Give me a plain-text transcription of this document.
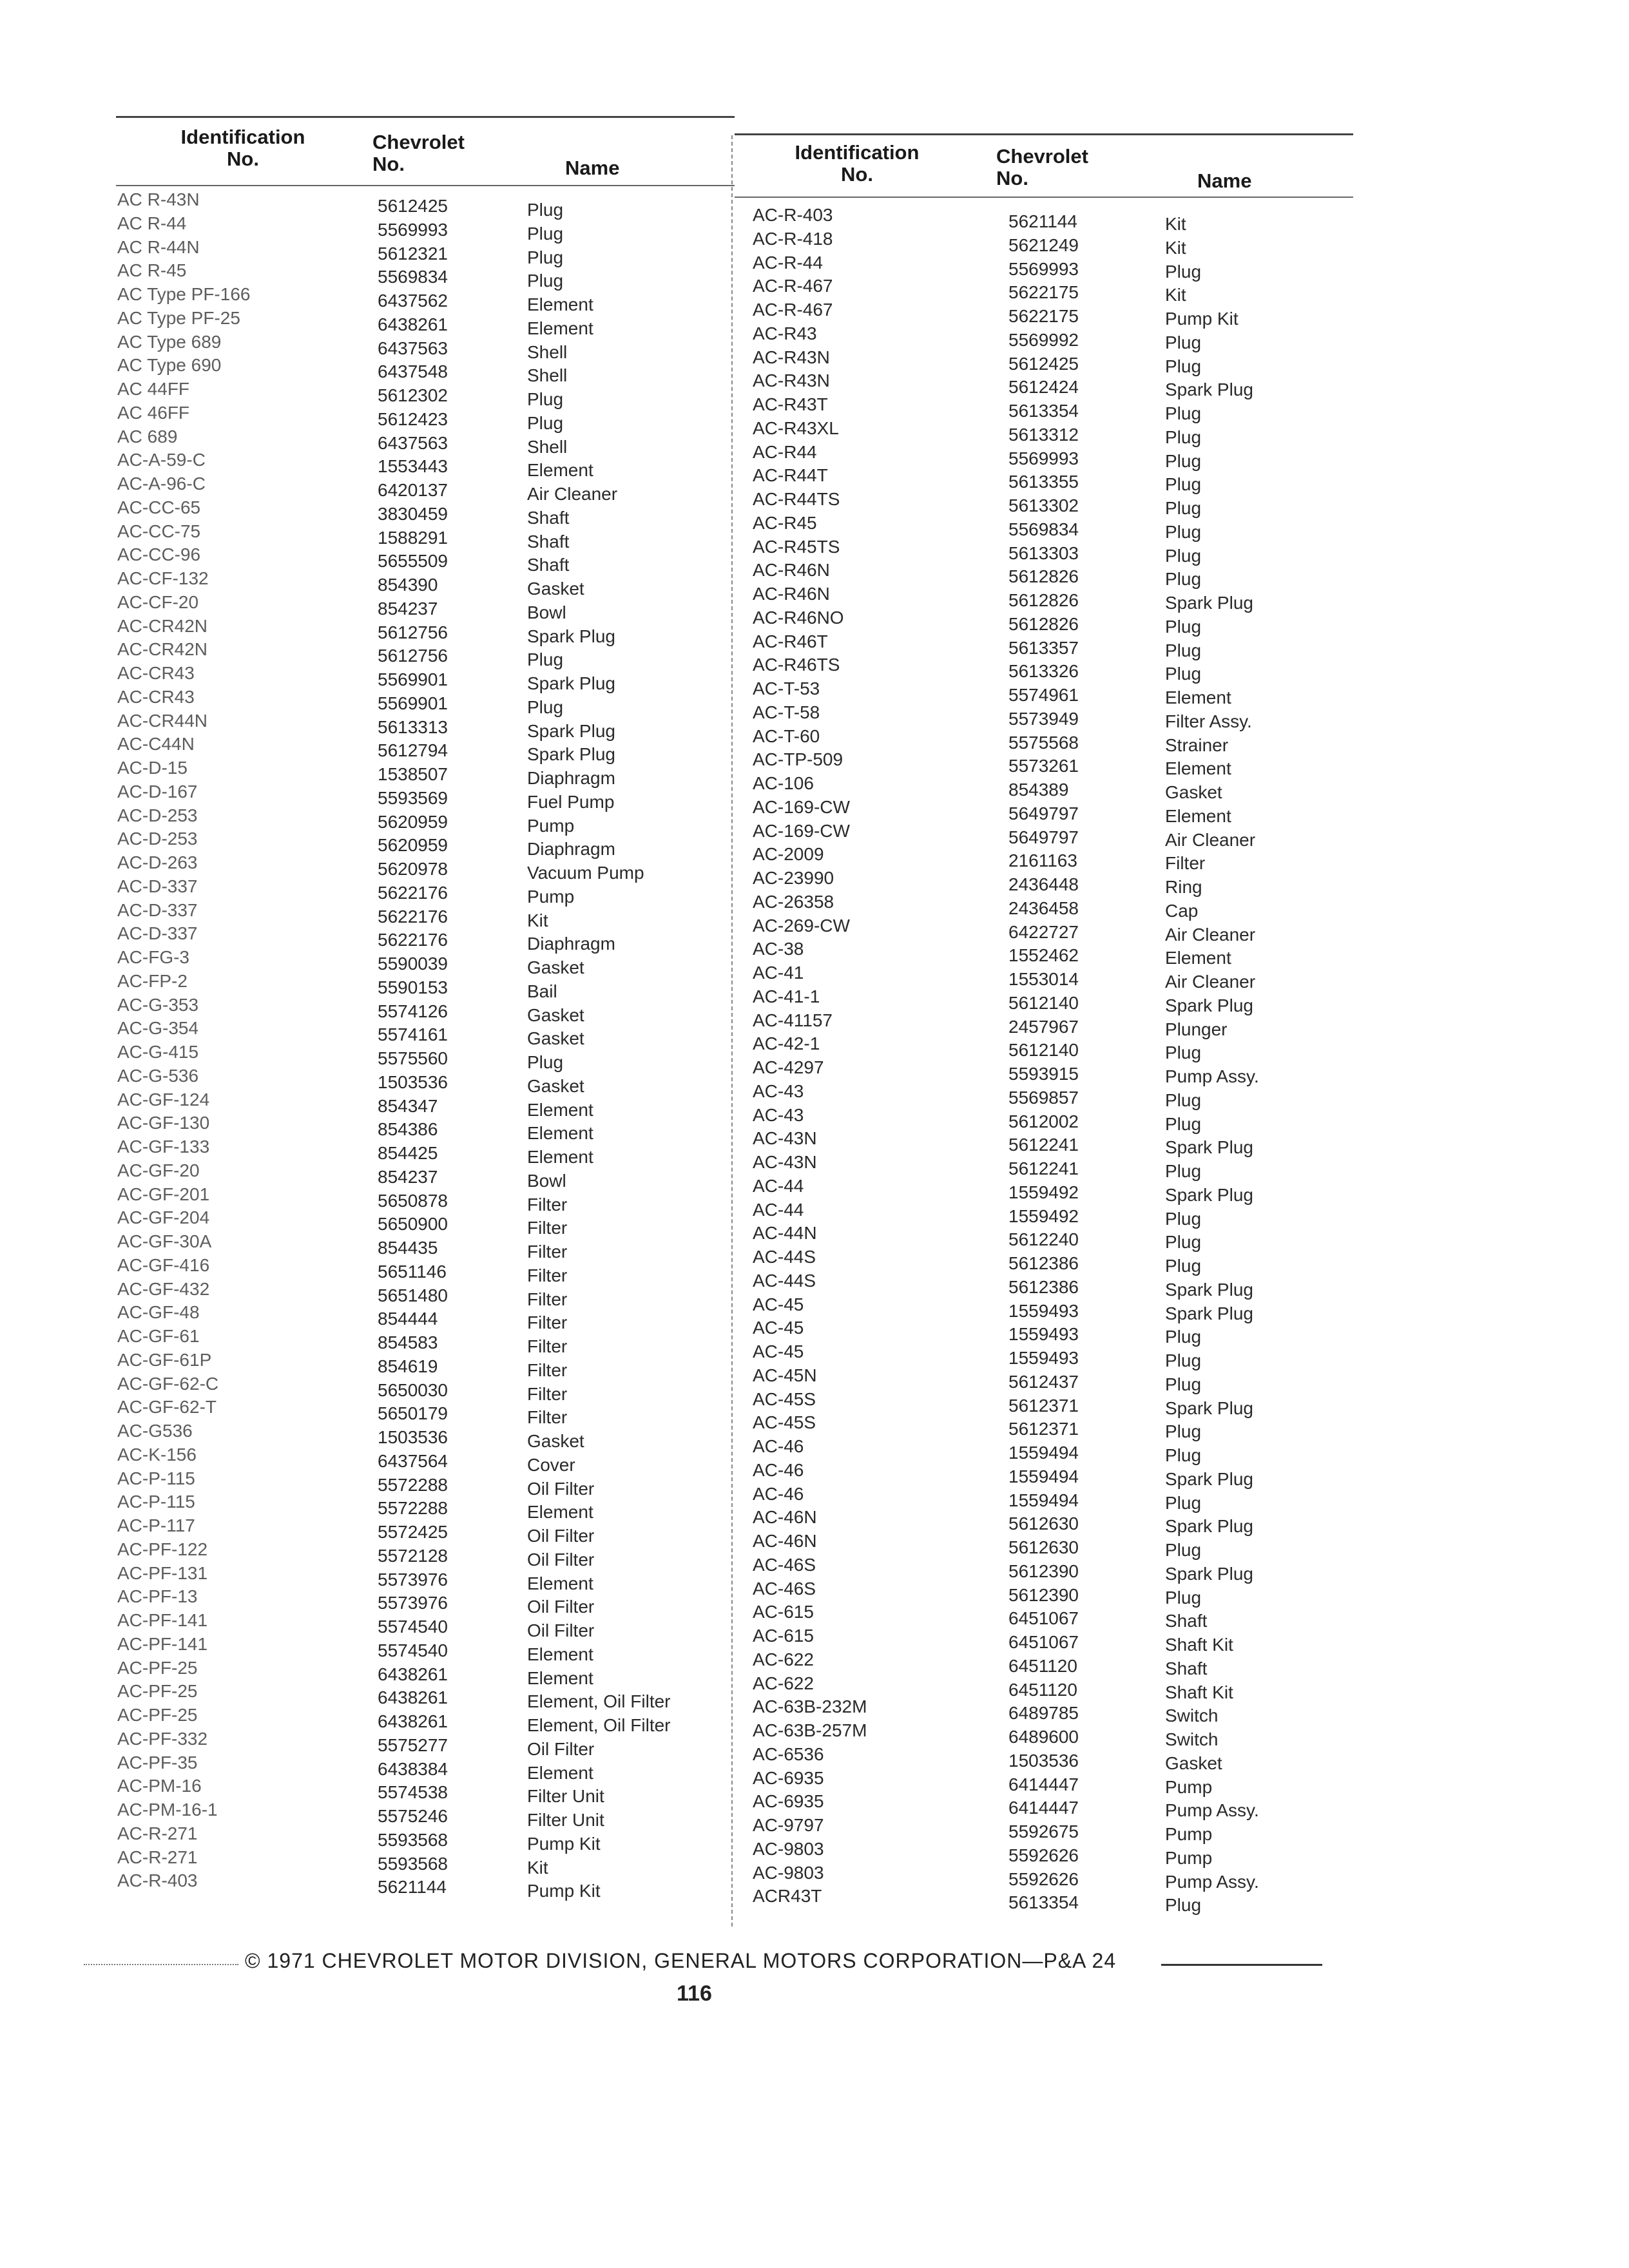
Identification
No.
Chevrolet
No.	Name
Identification
No.
Chevrolet
No.	Name
AC R-43N
AC R-44
AC R-44N
AC R-45
AC Type PF-166
AC Type PF-25
AC Type 689
AC Type 690
AC 44FF
AC 46FF
AC 689
AC-A-59-C
AC-A-96-C
AC-CC-65
AC-CC-75
AC-CC-96
AC-CF-132
AC-CF-20
AC-CR42N
AC-CR42N
AC-CR43
AC-CR43
AC-CR44N
AC-C44N
AC-D-15
AC-D-167
AC-D-253
AC-D-253
AC-D-263
AC-D-337
AC-D-337
AC-D-337
AC-FG-3
AC-FP-2
AC-G-353
AC-G-354
AC-G-415
AC-G-536
AC-GF-124
AC-GF-130
AC-GF-133
AC-GF-20
AC-GF-201
AC-GF-204
AC-GF-30A
AC-GF-416
AC-GF-432
AC-GF-48
AC-GF-61
AC-GF-61P
AC-GF-62-C
AC-GF-62-T
AC-G536
AC-K-156
AC-P-115
AC-P-115
AC-P-117
AC-PF-122
AC-PF-131
AC-PF-13
AC-PF-141
AC-PF-141
AC-PF-25
AC-PF-25
AC-PF-25
AC-PF-332
AC-PF-35
AC-PM-16
AC-PM-16-1
AC-R-271
AC-R-271
AC-R-403
5612425
5569993
5612321
5569834
6437562
6438261
6437563
6437548
5612302
5612423
6437563
1553443
6420137
3830459
1588291
5655509
854390
854237
5612756
5612756
5569901
5569901
5613313
5612794
1538507
5593569
5620959
5620959
5620978
5622176
5622176
5622176
5590039
5590153
5574126
5574161
5575560
1503536
854347
854386
854425
854237
5650878
5650900
854435
5651146
5651480
854444
854583
854619
5650030
5650179
1503536
6437564
5572288
5572288
5572425
5572128
5573976
5573976
5574540
5574540
6438261
6438261
6438261
5575277
6438384
5574538
5575246
5593568
5593568
5621144
Plug
Plug
Plug
Plug
Element
Element
Shell
Shell
Plug
Plug
Shell
Element
Air Cleaner
Shaft
Shaft
Shaft
Gasket
Bowl
Spark Plug
Plug
Spark Plug
Plug
Spark Plug
Spark Plug
Diaphragm
Fuel Pump
Pump
Diaphragm
Vacuum Pump
Pump
Kit
Diaphragm
Gasket
Bail
Gasket
Gasket
Plug
Gasket
Element
Element
Element
Bowl
Filter
Filter
Filter
Filter
Filter
Filter
Filter
Filter
Filter
Filter
Gasket
Cover
Oil Filter
Element
Oil Filter
Oil Filter
Element
Oil Filter
Oil Filter
Element
Element
Element, Oil Filter
Element, Oil Filter
Oil Filter
Element
Filter Unit
Filter Unit
Pump Kit
Kit
Pump Kit
AC-R-403
AC-R-418
AC-R-44
AC-R-467
AC-R-467
AC-R43
AC-R43N
AC-R43N
AC-R43T
AC-R43XL
AC-R44
AC-R44T
AC-R44TS
AC-R45
AC-R45TS
AC-R46N
AC-R46N
AC-R46NO
AC-R46T
AC-R46TS
AC-T-53
AC-T-58
AC-T-60
AC-TP-509
AC-106
AC-169-CW
AC-169-CW
AC-2009
AC-23990
AC-26358
AC-269-CW
AC-38
AC-41
AC-41-1
AC-41157
AC-42-1
AC-4297
AC-43
AC-43
AC-43N
AC-43N
AC-44
AC-44
AC-44N
AC-44S
AC-44S
AC-45
AC-45
AC-45
AC-45N
AC-45S
AC-45S
AC-46
AC-46
AC-46
AC-46N
AC-46N
AC-46S
AC-46S
AC-615
AC-615
AC-622
AC-622
AC-63B-232M
AC-63B-257M
AC-6536
AC-6935
AC-6935
AC-9797
AC-9803
AC-9803
ACR43T
5621144
5621249
5569993
5622175
5622175
5569992
5612425
5612424
5613354
5613312
5569993
5613355
5613302
5569834
5613303
5612826
5612826
5612826
5613357
5613326
5574961
5573949
5575568
5573261
854389
5649797
5649797
2161163
2436448
2436458
6422727
1552462
1553014
5612140
2457967
5612140
5593915
5569857
5612002
5612241
5612241
1559492
1559492
5612240
5612386
5612386
1559493
1559493
1559493
5612437
5612371
5612371
1559494
1559494
1559494
5612630
5612630
5612390
5612390
6451067
6451067
6451120
6451120
6489785
6489600
1503536
6414447
6414447
5592675
5592626
5592626
5613354
Kit
Kit
Plug
Kit
Pump Kit
Plug
Plug
Spark Plug
Plug
Plug
Plug
Plug
Plug
Plug
Plug
Plug
Spark Plug
Plug
Plug
Plug
Element
Filter Assy.
Strainer
Element
Gasket
Element
Air Cleaner
Filter
Ring
Cap
Air Cleaner
Element
Air Cleaner
Spark Plug
Plunger
Plug
Pump Assy.
Plug
Plug
Spark Plug
Plug
Spark Plug
Plug
Plug
Plug
Spark Plug
Spark Plug
Plug
Plug
Plug
Spark Plug
Plug
Plug
Spark Plug
Plug
Spark Plug
Plug
Spark Plug
Plug
Shaft
Shaft Kit
Shaft
Shaft Kit
Switch
Switch
Gasket
Pump
Pump Assy.
Pump
Pump
Pump Assy.
Plug
© 1971 CHEVROLET MOTOR DIVISION, GENERAL MOTORS CORPORATION—P&A 24
116
